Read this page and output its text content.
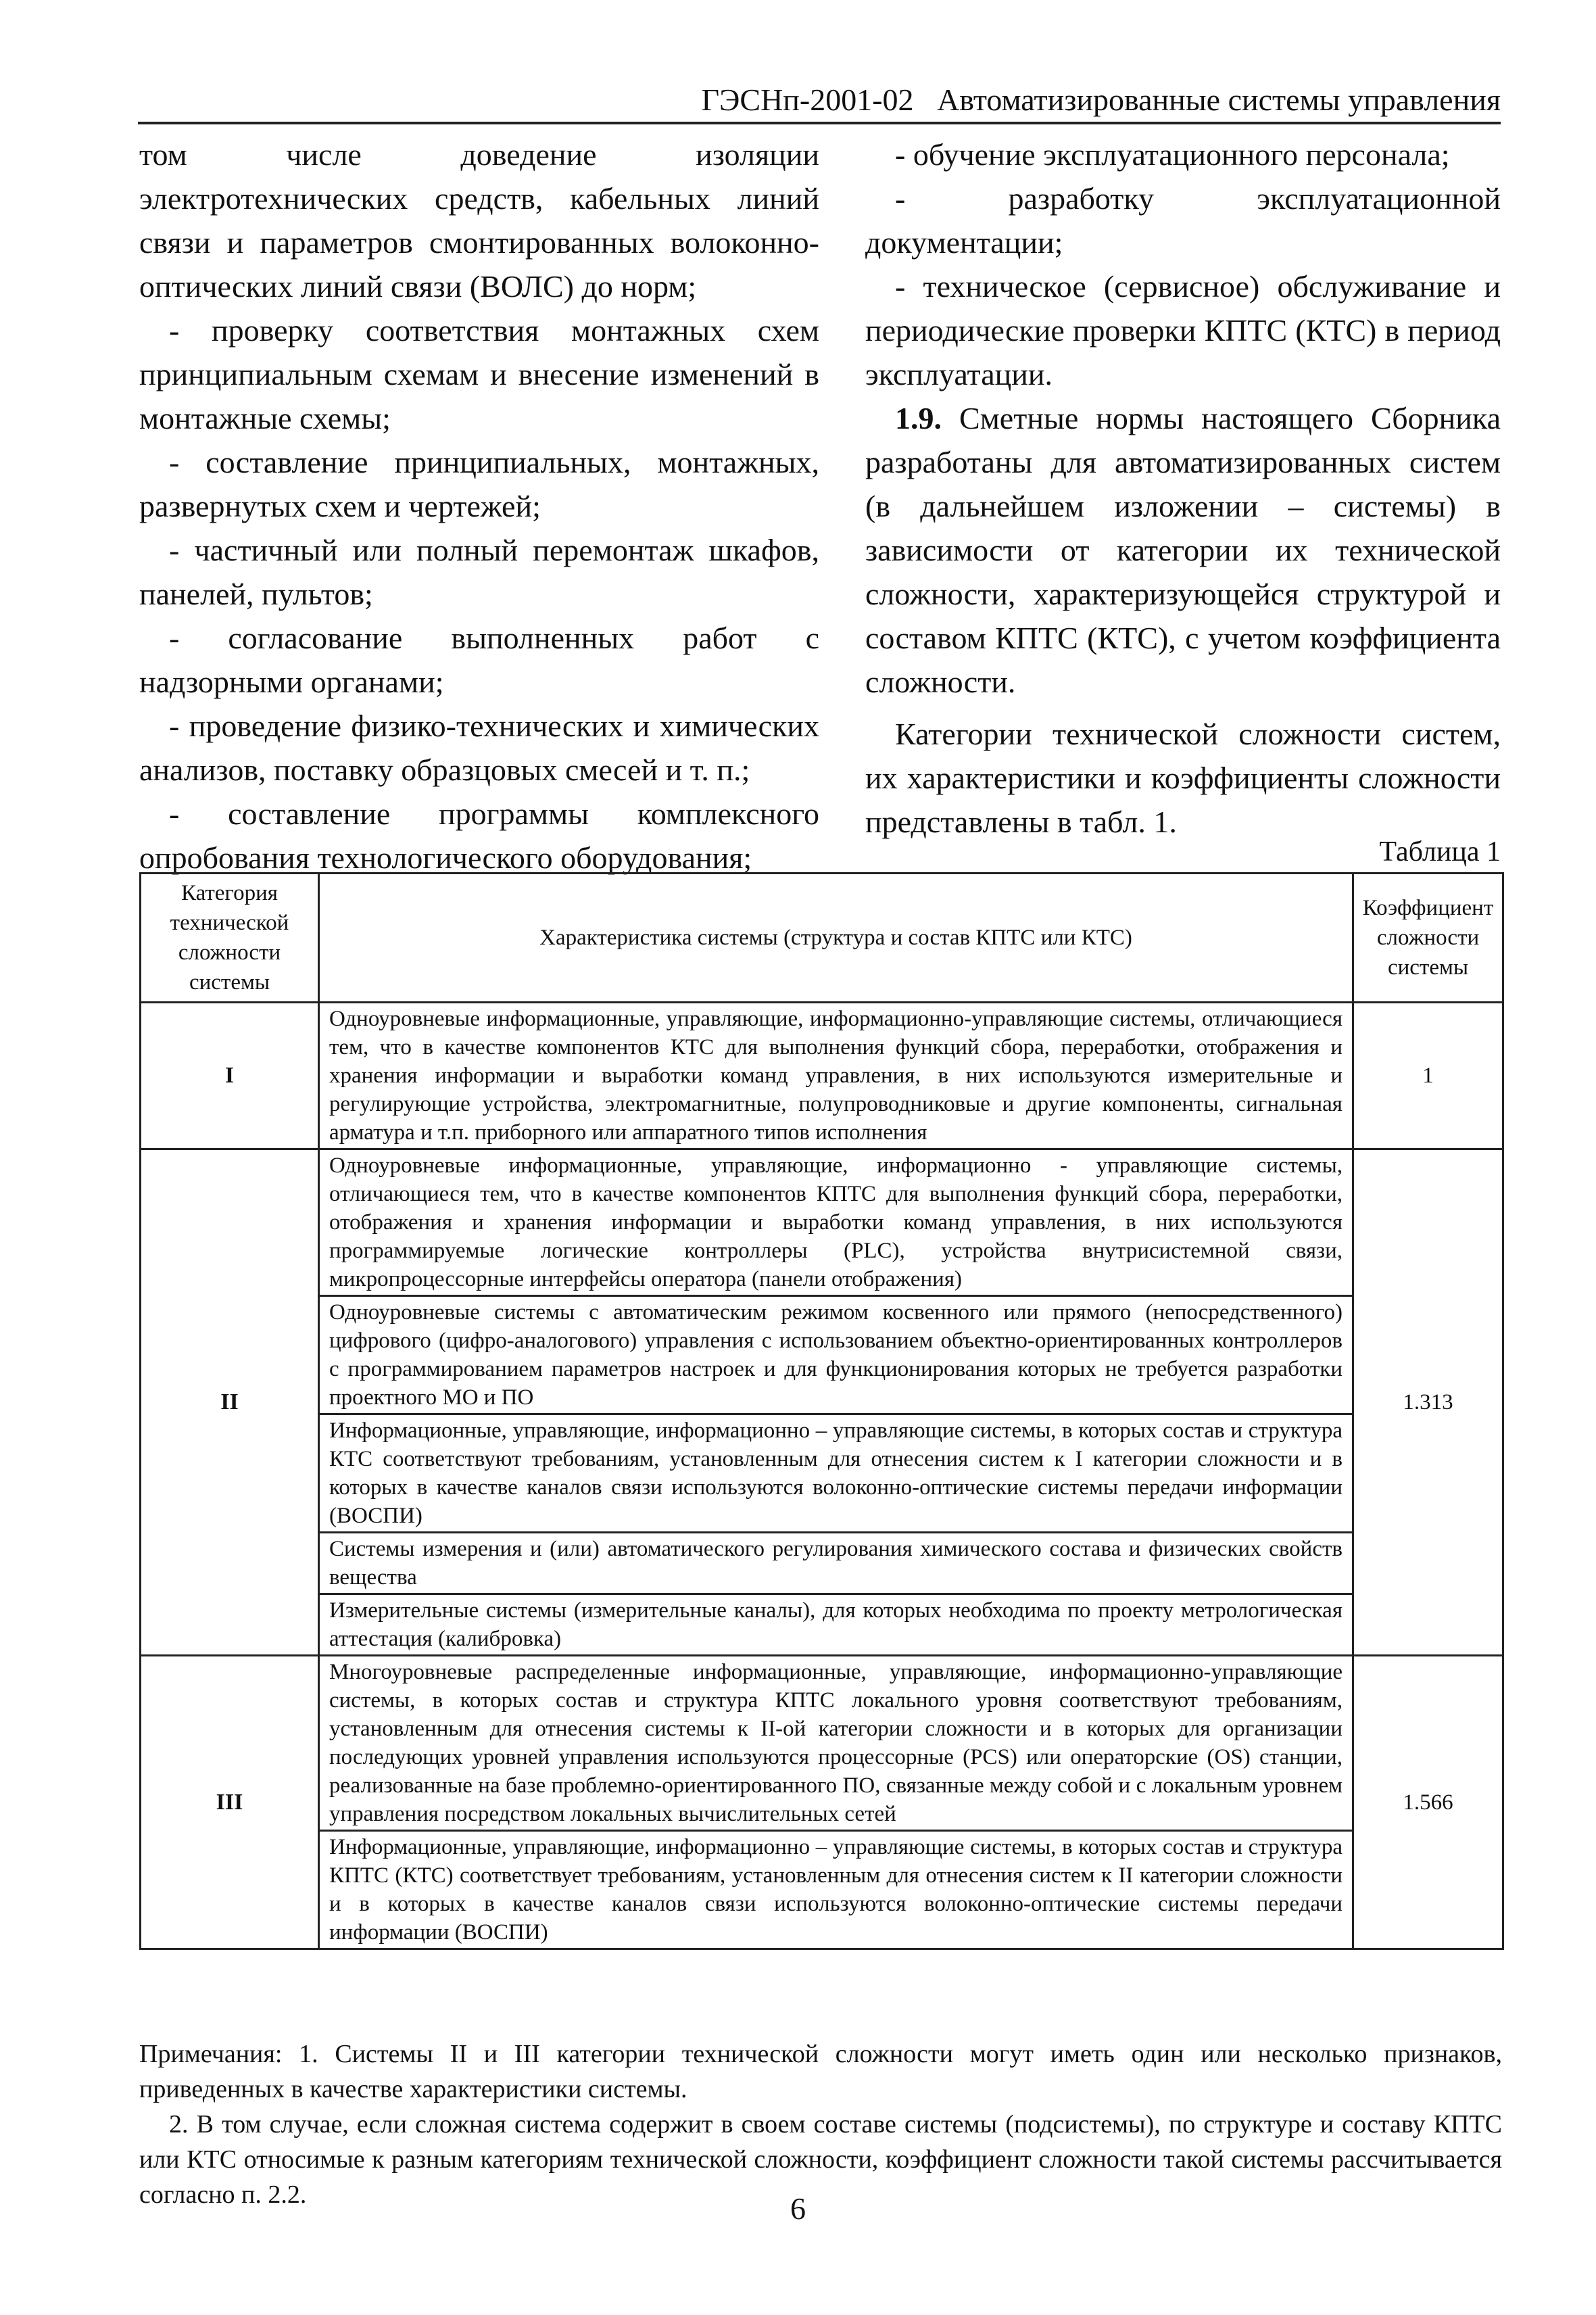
ГЭСНп-2001-02 Автоматизированные системы управления

том числе доведение изоляции электротехнических средств, кабельных линий связи и параметров смонтированных волоконно-оптических линий связи (ВОЛС) до норм;

- проверку соответствия монтажных схем принципиальным схемам и внесение изменений в монтажные схемы;

- составление принципиальных, монтажных, развернутых схем и чертежей;

- частичный или полный перемонтаж шкафов, панелей, пультов;

- согласование выполненных работ с надзорными органами;

- проведение физико-технических и химических анализов, поставку образцовых смесей и т. п.;

- составление программы комплексного опробования технологического оборудования;

- обучение эксплуатационного персонала;

- разработку эксплуатационной документации;

- техническое (сервисное) обслуживание и периодические проверки КПТС (КТС) в период эксплуатации.

1.9. Сметные нормы настоящего Сборника разработаны для автоматизированных систем (в дальнейшем изложении – системы) в зависимости от категории их технической сложности, характеризующейся структурой и составом КПТС (КТС), с учетом коэффициента сложности.

Категории технической сложности систем, их характеристики и коэффициенты сложности представлены в табл. 1.

Таблица 1
Категория технической сложности системы	Характеристика системы (структура и состав КПТС или КТС)	Коэффициент сложности системы
I	Одноуровневые информационные, управляющие, информационно-управляющие системы, отличающиеся тем, что в качестве компонентов КТС для выполнения функций сбора, переработки, отображения и хранения информации и выработки команд управления, в них используются измерительные и регулирующие устройства, электромагнитные, полупроводниковые и другие компоненты, сигнальная арматура и т.п. приборного или аппаратного типов исполнения	1
II	Одноуровневые информационные, управляющие, информационно - управляющие системы, отличающиеся тем, что в качестве компонентов КПТС для выполнения функций сбора, переработки, отображения и хранения информации и выработки команд управления, в них используются программируемые логические контроллеры (PLC), устройства внутрисистемной связи, микропроцессорные интерфейсы оператора (панели отображения)	1.313
	Одноуровневые системы с автоматическим режимом косвенного или прямого (непосредственного) цифрового (цифро-аналогового) управления с использованием объектно-ориентированных контроллеров с программированием параметров настроек и для функционирования которых не требуется разработки проектного МО и ПО	
	Информационные, управляющие, информационно – управляющие системы, в которых состав и структура КТС соответствуют требованиям, установленным для отнесения систем к I категории сложности и в которых в качестве каналов связи используются волоконно-оптические системы передачи информации (ВОСПИ)	
	Системы измерения и (или) автоматического регулирования химического состава и физических свойств вещества	
	Измерительные системы (измерительные каналы), для которых необходима по проекту метрологическая аттестация (калибровка)	
III	Многоуровневые распределенные информационные, управляющие, информационно-управляющие системы, в которых состав и структура КПТС локального уровня соответствуют требованиям, установленным для отнесения системы к II-ой категории сложности и в которых для организации последующих уровней управления используются процессорные (PCS) или операторские (OS) станции, реализованные на базе проблемно-ориентированного ПО, связанные между собой и с локальным уровнем управления посредством локальных вычислительных сетей	1.566
	Информационные, управляющие, информационно – управляющие системы, в которых состав и структура КПТС (КТС) соответствует требованиям, установленным для отнесения систем к II категории сложности и в которых в качестве каналов связи используются волоконно-оптические системы передачи информации (ВОСПИ)	

Примечания: 1. Системы II и III категории технической сложности могут иметь один или несколько признаков, приведенных в качестве характеристики системы.

2. В том случае, если сложная система содержит в своем составе системы (подсистемы), по структуре и составу КПТС или КТС относимые к разным категориям технической сложности, коэффициент сложности такой системы рассчитывается согласно п. 2.2.	6
